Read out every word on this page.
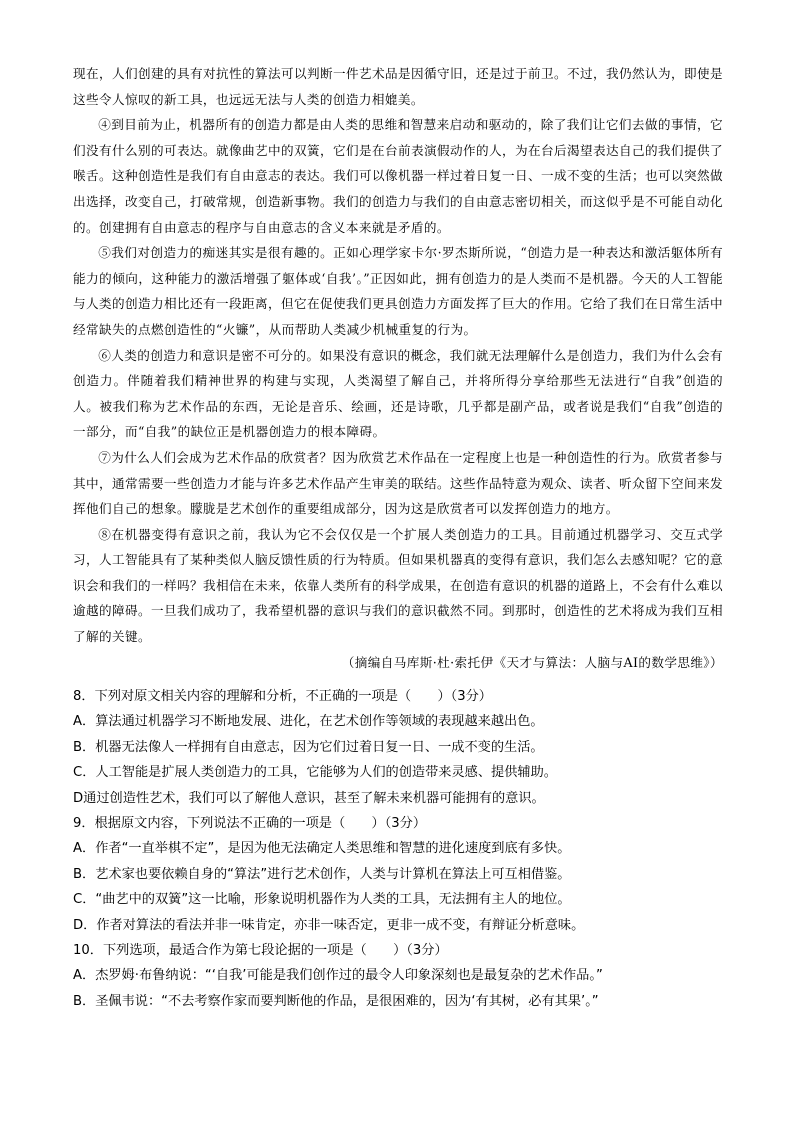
现在，人们创建的具有对抗性的算法可以判断一件艺术品是因循守旧，还是过于前卫。不过，我仍然认为，即使是这些令人惊叹的新工具，也远远无法与人类的创造力相媲美。

④到目前为止，机器所有的创造力都是由人类的思维和智慧来启动和驱动的，除了我们让它们去做的事情，它们没有什么别的可表达。就像曲艺中的双簧，它们是在台前表演假动作的人，为在台后渴望表达自己的我们提供了喉舌。这种创造性是我们有自由意志的表达。我们可以像机器一样过着日复一日、一成不变的生活；也可以突然做出选择，改变自己，打破常规，创造新事物。我们的创造力与我们的自由意志密切相关，而这似乎是不可能自动化的。创建拥有自由意志的程序与自由意志的含义本来就是矛盾的。

⑤我们对创造力的痴迷其实是很有趣的。正如心理学家卡尔·罗杰斯所说，“创造力是一种表达和激活躯体所有能力的倾向，这种能力的激活增强了躯体或‘自我’。”正因如此，拥有创造力的是人类而不是机器。今天的人工智能与人类的创造力相比还有一段距离，但它在促使我们更具创造力方面发挥了巨大的作用。它给了我们在日常生活中经常缺失的点燃创造性的“火镰”，从而帮助人类减少机械重复的行为。

⑥人类的创造力和意识是密不可分的。如果没有意识的概念，我们就无法理解什么是创造力，我们为什么会有创造力。伴随着我们精神世界的构建与实现，人类渴望了解自己，并将所得分享给那些无法进行“自我”创造的人。被我们称为艺术作品的东西，无论是音乐、绘画，还是诗歌，几乎都是副产品，或者说是我们“自我”创造的一部分，而“自我”的缺位正是机器创造力的根本障碍。

⑦为什么人们会成为艺术作品的欣赏者？因为欣赏艺术作品在一定程度上也是一种创造性的行为。欣赏者参与其中，通常需要一些创造力才能与许多艺术作品产生审美的联结。这些作品特意为观众、读者、听众留下空间来发挥他们自己的想象。朦胧是艺术创作的重要组成部分，因为这是欣赏者可以发挥创造力的地方。

⑧在机器变得有意识之前，我认为它不会仅仅是一个扩展人类创造力的工具。目前通过机器学习、交互式学习，人工智能具有了某种类似人脑反馈性质的行为特质。但如果机器真的变得有意识，我们怎么去感知呢？它的意识会和我们的一样吗？我相信在未来，依靠人类所有的科学成果，在创造有意识的机器的道路上，不会有什么难以逾越的障碍。一旦我们成功了，我希望机器的意识与我们的意识截然不同。到那时，创造性的艺术将成为我们互相了解的关键。

（摘编自马库斯·杜·索托伊《天才与算法：人脑与AI的数学思维》）

8．下列对原文相关内容的理解和分析，不正确的一项是（　　）（3分）

A．算法通过机器学习不断地发展、进化，在艺术创作等领域的表现越来越出色。

B．机器无法像人一样拥有自由意志，因为它们过着日复一日、一成不变的生活。

C．人工智能是扩展人类创造力的工具，它能够为人们的创造带来灵感、提供辅助。

D通过创造性艺术，我们可以了解他人意识，甚至了解未来机器可能拥有的意识。

9．根据原文内容，下列说法不正确的一项是（　　）（3分）

A．作者“一直举棋不定”，是因为他无法确定人类思维和智慧的进化速度到底有多快。

B．艺术家也要依赖自身的“算法”进行艺术创作，人类与计算机在算法上可互相借鉴。

C．“曲艺中的双簧”这一比喻，形象说明机器作为人类的工具，无法拥有主人的地位。

D．作者对算法的看法并非一味肯定，亦非一味否定，更非一成不变，有辩证分析意味。

10．下列选项，最适合作为第七段论据的一项是（　　）（3分）

A．杰罗姆·布鲁纳说：“‘自我’可能是我们创作过的最令人印象深刻也是最复杂的艺术作品。”

B．圣佩韦说：“不去考察作家而要判断他的作品，是很困难的，因为‘有其树，必有其果’。”
